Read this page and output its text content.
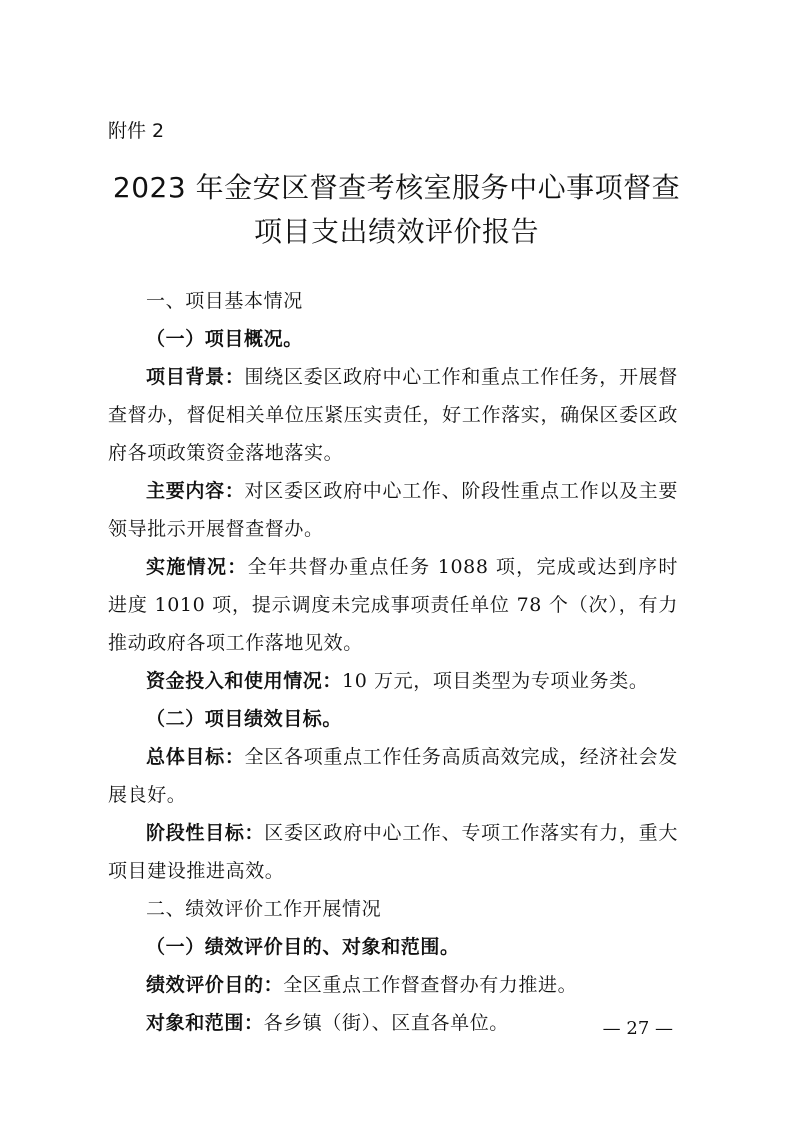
附件 2
2023 年金安区督查考核室服务中心事项督查
项目支出绩效评价报告

一、项目基本情况

（一）项目概况。

项目背景：围绕区委区政府中心工作和重点工作任务，开展督查督办，督促相关单位压紧压实责任，好工作落实，确保区委区政府各项政策资金落地落实。

主要内容：对区委区政府中心工作、阶段性重点工作以及主要领导批示开展督查督办。

实施情况：全年共督办重点任务 1088 项，完成或达到序时进度 1010 项，提示调度未完成事项责任单位 78 个（次），有力推动政府各项工作落地见效。

资金投入和使用情况：10 万元，项目类型为专项业务类。

（二）项目绩效目标。

总体目标：全区各项重点工作任务高质高效完成，经济社会发展良好。

阶段性目标：区委区政府中心工作、专项工作落实有力，重大项目建设推进高效。

二、绩效评价工作开展情况

（一）绩效评价目的、对象和范围。

绩效评价目的：全区重点工作督查督办有力推进。

对象和范围：各乡镇（街）、区直各单位。	— 27 —
